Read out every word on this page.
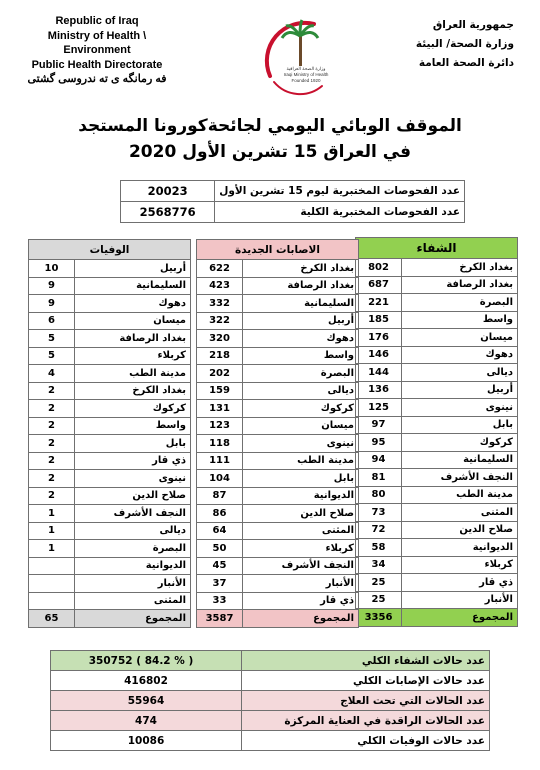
Republic of Iraq
Ministry of Health \ Environment
Public Health Directorate
فه رمانگه ى ته ندروسى گشتى
وزارة الصحة العراقية
Iraqi Ministry of Health
Founded 1920
جمهورية العراق
وزارة الصحة/ البيئة
دائرة الصحة العامة
الموقف الوبائي اليومي لجائحةكورونا المستجد
في العراق 15 تشرين الأول 2020
عدد الفحوصات المختبرية ليوم 15 تشرين الأول	20023
عدد الفحوصات المختبرية الكلية	2568776
الشفاء	
بغداد الكرخ	802
بغداد الرصافة	687
البصرة	221
واسط	185
ميسان	176
دهوك	146
ديالى	144
أربيل	136
نينوى	125
بابل	97
كركوك	95
السليمانية	94
النجف الأشرف	81
مدينة الطب	80
المثنى	73
صلاح الدين	72
الديوانية	58
كربلاء	34
ذي قار	25
الأنبار	25
المجموع	3356
الاصابات الجديدة	
بغداد الكرخ	622
بغداد الرصافة	423
السليمانية	332
أربيل	322
دهوك	320
واسط	218
البصرة	202
ديالى	159
كركوك	131
ميسان	123
نينوى	118
مدينة الطب	111
بابل	104
الديوانية	87
صلاح الدين	86
المثنى	64
كربلاء	50
النجف الأشرف	45
الأنبار	37
ذي قار	33
المجموع	3587
الوفيات	
أربيل	10
السليمانية	9
دهوك	9
ميسان	6
بغداد الرصافة	5
كربلاء	5
مدينة الطب	4
بغداد الكرخ	2
كركوك	2
واسط	2
بابل	2
ذي قار	2
نينوى	2
صلاح الدين	2
النجف الأشرف	1
ديالى	1
البصرة	1
الديوانية	
الأنبار	
المثنى	
المجموع	65
عدد حالات الشفاء الكلي	( 84.2 % ) 350752
عدد حالات الإصابات الكلي	416802
عدد الحالات التي تحت العلاج	55964
عدد الحالات الراقدة في العناية المركزة	474
عدد حالات الوفيات الكلي	10086
